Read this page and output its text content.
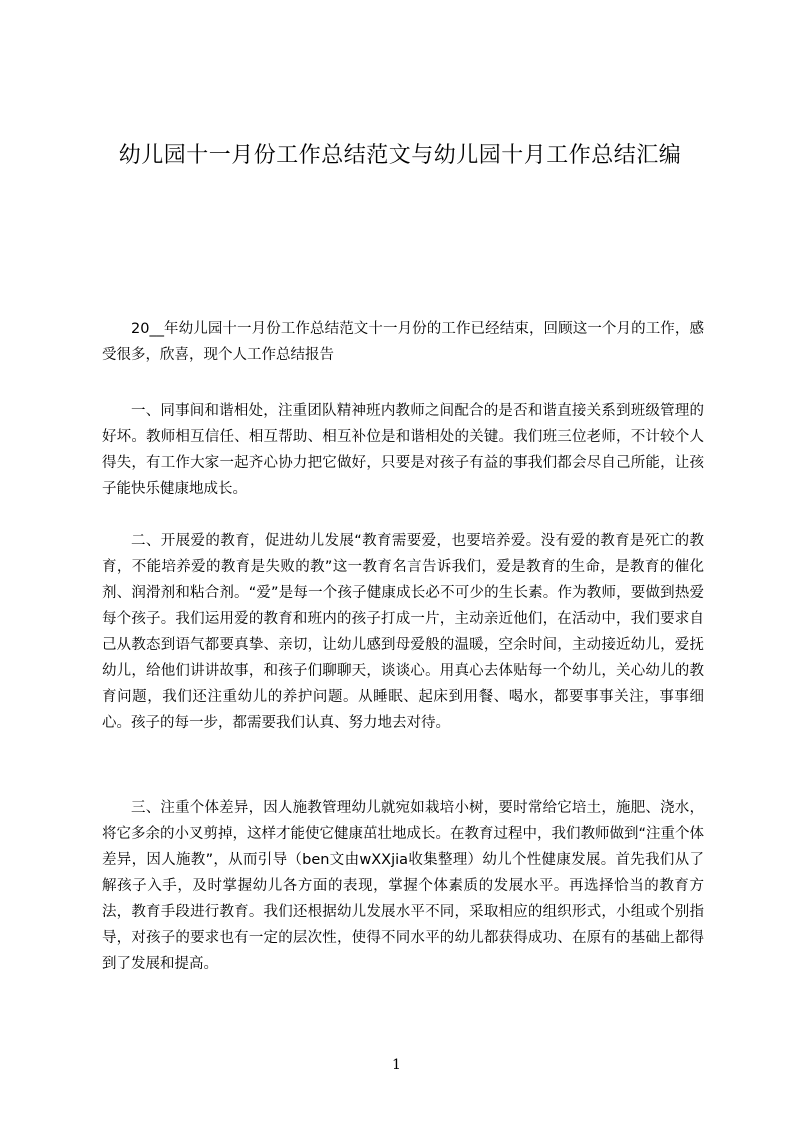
幼儿园十一月份工作总结范文与幼儿园十月工作总结汇编

20__年幼儿园十一月份工作总结范文十一月份的工作已经结束，回顾这一个月的工作，感受很多，欣喜，现个人工作总结报告

一、同事间和谐相处，注重团队精神班内教师之间配合的是否和谐直接关系到班级管理的好坏。教师相互信任、相互帮助、相互补位是和谐相处的关键。我们班三位老师，不计较个人得失，有工作大家一起齐心协力把它做好，只要是对孩子有益的事我们都会尽自己所能，让孩子能快乐健康地成长。

二、开展爱的教育，促进幼儿发展“教育需要爱，也要培养爱。没有爱的教育是死亡的教育，不能培养爱的教育是失败的教”这一教育名言告诉我们，爱是教育的生命，是教育的催化剂、润滑剂和粘合剂。“爱”是每一个孩子健康成长必不可少的生长素。作为教师，要做到热爱每个孩子。我们运用爱的教育和班内的孩子打成一片，主动亲近他们，在活动中，我们要求自己从教态到语气都要真挚、亲切，让幼儿感到母爱般的温暖，空余时间，主动接近幼儿，爱抚幼儿，给他们讲讲故事，和孩子们聊聊天，谈谈心。用真心去体贴每一个幼儿，关心幼儿的教育问题，我们还注重幼儿的养护问题。从睡眠、起床到用餐、喝水，都要事事关注，事事细心。孩子的每一步，都需要我们认真、努力地去对待。

三、注重个体差异，因人施教管理幼儿就宛如栽培小树，要时常给它培土，施肥、浇水，将它多余的小叉剪掉，这样才能使它健康茁壮地成长。在教育过程中，我们教师做到“注重个体差异，因人施教”，从而引导（ben文由wXXjia收集整理）幼儿个性健康发展。首先我们从了解孩子入手，及时掌握幼儿各方面的表现，掌握个体素质的发展水平。再选择恰当的教育方法，教育手段进行教育。我们还根据幼儿发展水平不同，采取相应的组织形式，小组或个别指导，对孩子的要求也有一定的层次性，使得不同水平的幼儿都获得成功、在原有的基础上都得到了发展和提高。

1
